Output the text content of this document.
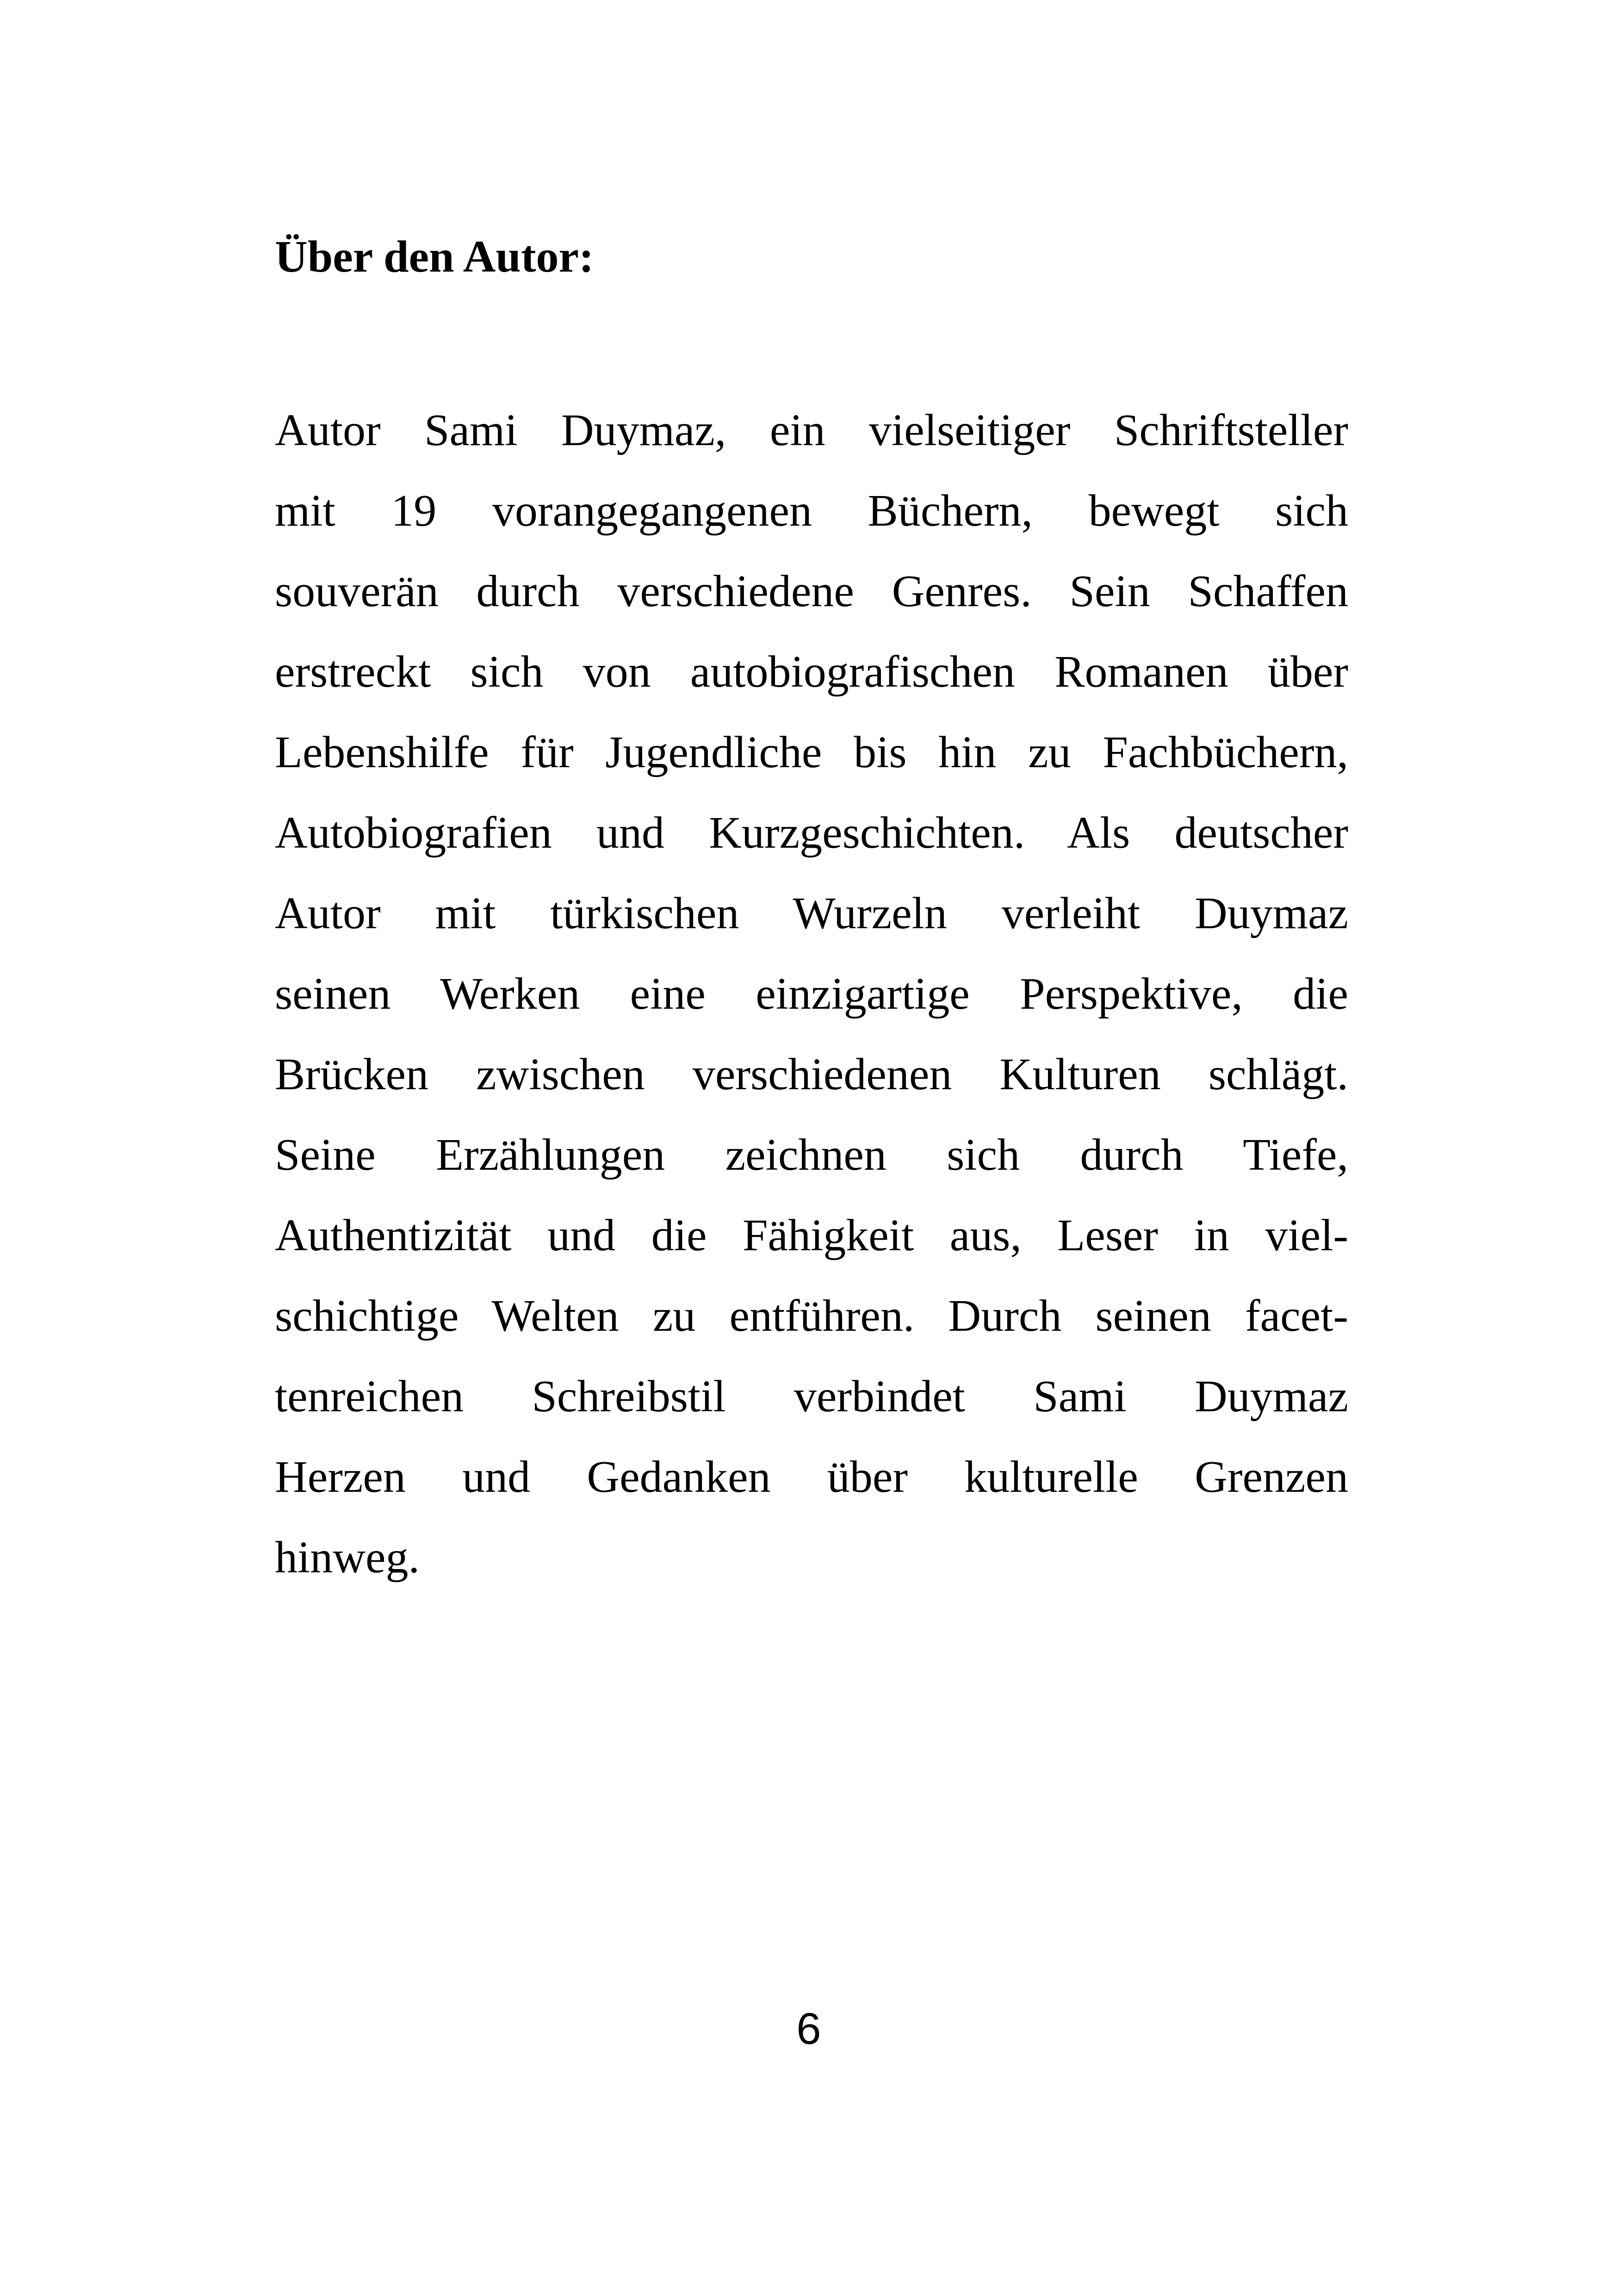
Über den Autor:
Autor Sami Duymaz, ein vielseitiger Schriftsteller
mit 19 vorangegangenen Büchern, bewegt sich
souverän durch verschiedene Genres. Sein Schaffen
erstreckt sich von autobiografischen Romanen über
Lebenshilfe für Jugendliche bis hin zu Fachbüchern,
Autobiografien und Kurzgeschichten. Als deutscher
Autor mit türkischen Wurzeln verleiht Duymaz
seinen Werken eine einzigartige Perspektive, die
Brücken zwischen verschiedenen Kulturen schlägt.
Seine Erzählungen zeichnen sich durch Tiefe,
Authentizität und die Fähigkeit aus, Leser in viel-
schichtige Welten zu entführen. Durch seinen facet-
tenreichen Schreibstil verbindet Sami Duymaz
Herzen und Gedanken über kulturelle Grenzen
hinweg.

6
